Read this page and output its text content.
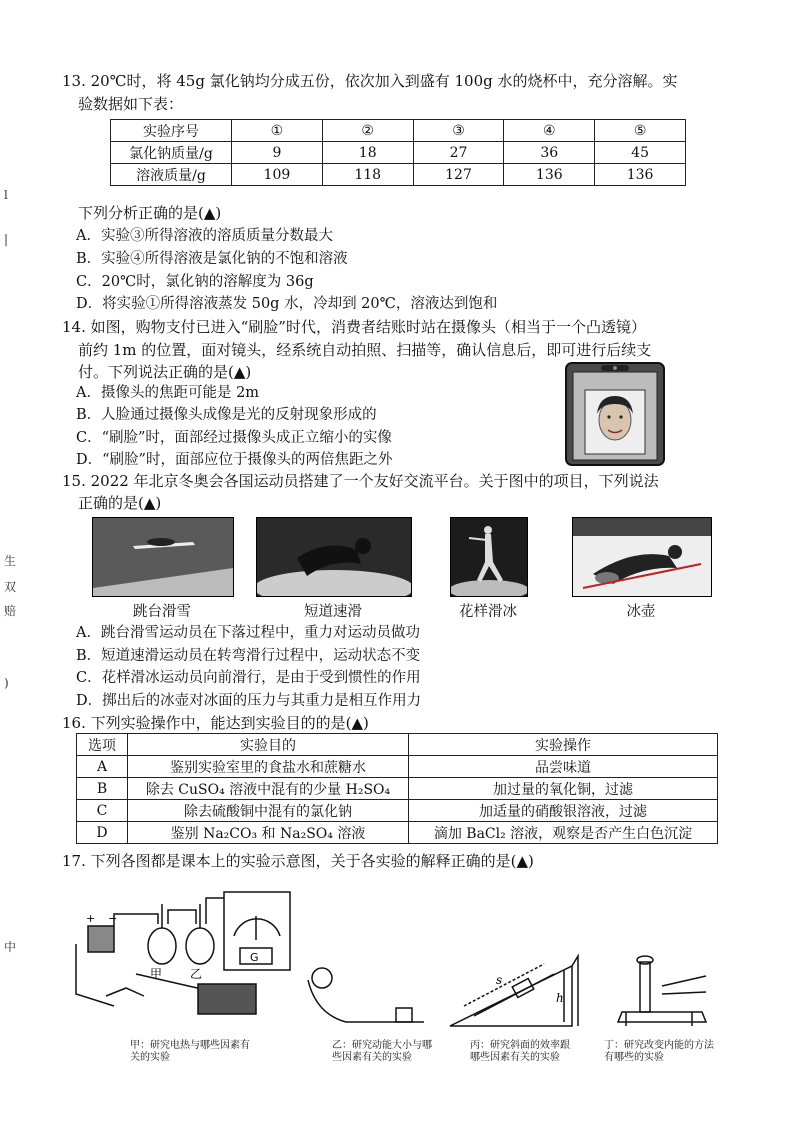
l
|
生
双
赔
)
中
13. 20℃时，将 45g 氯化钠均分成五份，依次加入到盛有 100g 水的烧杯中，充分溶解。实
验数据如下表：
实验序号	①	②	③	④	⑤
氯化钠质量/g	9	18	27	36	45
溶液质量/g	109	118	127	136	136
下列分析正确的是(▲)
A．实验③所得溶液的溶质质量分数最大
B．实验④所得溶液是氯化钠的不饱和溶液
C．20℃时，氯化钠的溶解度为 36g
D．将实验①所得溶液蒸发 50g 水，冷却到 20℃，溶液达到饱和
14. 如图，购物支付已进入“刷脸”时代，消费者结账时站在摄像头（相当于一个凸透镜）
前约 1m 的位置，面对镜头，经系统自动拍照、扫描等，确认信息后，即可进行后续支
付。下列说法正确的是(▲)
A．摄像头的焦距可能是 2m
B．人脸通过摄像头成像是光的反射现象形成的
C．“刷脸”时，面部经过摄像头成正立缩小的实像
D．“刷脸”时，面部应位于摄像头的两倍焦距之外
15. 2022 年北京冬奥会各国运动员搭建了一个友好交流平台。关于图中的项目，下列说法
正确的是(▲)
跳台滑雪	短道速滑	花样滑冰	冰壶
A．跳台滑雪运动员在下落过程中，重力对运动员做功
B．短道速滑运动员在转弯滑行过程中，运动状态不变
C．花样滑冰运动员向前滑行，是由于受到惯性的作用
D．掷出后的冰壶对冰面的压力与其重力是相互作用力
16. 下列实验操作中，能达到实验目的的是(▲)
选项	实验目的	实验操作
A	鉴别实验室里的食盐水和蔗糖水	品尝味道
B	除去 CuSO₄ 溶液中混有的少量 H₂SO₄	加过量的氧化铜，过滤
C	除去硫酸铜中混有的氯化钠	加适量的硝酸银溶液，过滤
D	鉴别 Na₂CO₃ 和 Na₂SO₄ 溶液	滴加 BaCl₂ 溶液，观察是否产生白色沉淀
17. 下列各图都是课本上的实验示意图，关于各实验的解释正确的是(▲)
+ −
甲 乙
G
s
h
甲：研究电热与哪些因素有关的实验
乙：研究动能大小与哪些因素有关的实验
丙：研究斜面的效率跟哪些因素有关的实验
丁：研究改变内能的方法有哪些的实验
